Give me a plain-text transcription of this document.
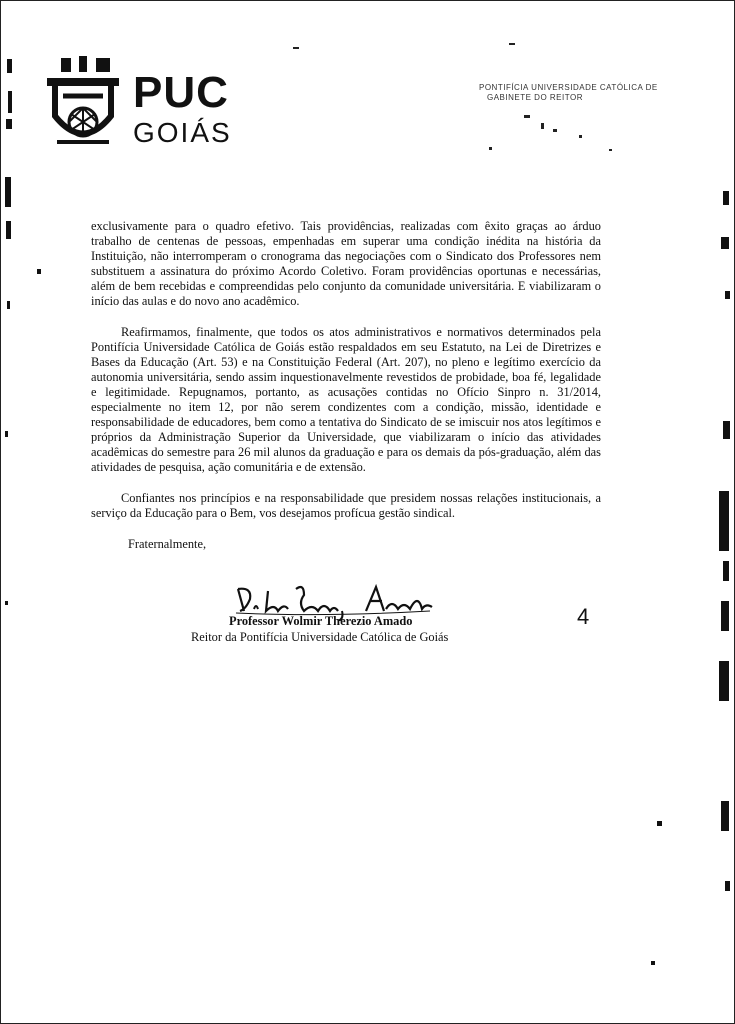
PUC
GOIÁS
PONTIFÍCIA UNIVERSIDADE CATÓLICA DE
GABINETE DO REITOR

exclusivamente para o quadro efetivo. Tais providências, realizadas com êxito graças ao árduo trabalho de centenas de pessoas, empenhadas em superar uma condição inédita na história da Instituição, não interromperam o cronograma das negociações com o Sindicato dos Professores nem substituem a assinatura do próximo Acordo Coletivo. Foram providências oportunas e necessárias, além de bem recebidas e compreendidas pelo conjunto da comunidade universitária. E viabilizaram o início das aulas e do novo ano acadêmico.

Reafirmamos, finalmente, que todos os atos administrativos e normativos determinados pela Pontifícia Universidade Católica de Goiás estão respaldados em seu Estatuto, na Lei de Diretrizes e Bases da Educação (Art. 53) e na Constituição Federal (Art. 207), no pleno e legítimo exercício da autonomia universitária, sendo assim inquestionavelmente revestidos de probidade, boa fé, legalidade e legitimidade. Repugnamos, portanto, as acusações contidas no Ofício Sinpro n. 31/2014, especialmente no item 12, por não serem condizentes com a condição, missão, identidade e responsabilidade de educadores, bem como a tentativa do Sindicato de se imiscuir nos atos legítimos e próprios da Administração Superior da Universidade, que viabilizaram o início das atividades acadêmicas do semestre para 26 mil alunos da graduação e para os demais da pós-graduação, além das atividades de pesquisa, ação comunitária e de extensão.

Confiantes nos princípios e na responsabilidade que presidem nossas relações institucionais, a serviço da Educação para o Bem, vos desejamos profícua gestão sindical.

Fraternalmente,
Professor Wolmir Therezio Amado
Reitor da Pontifícia Universidade Católica de Goiás
4
